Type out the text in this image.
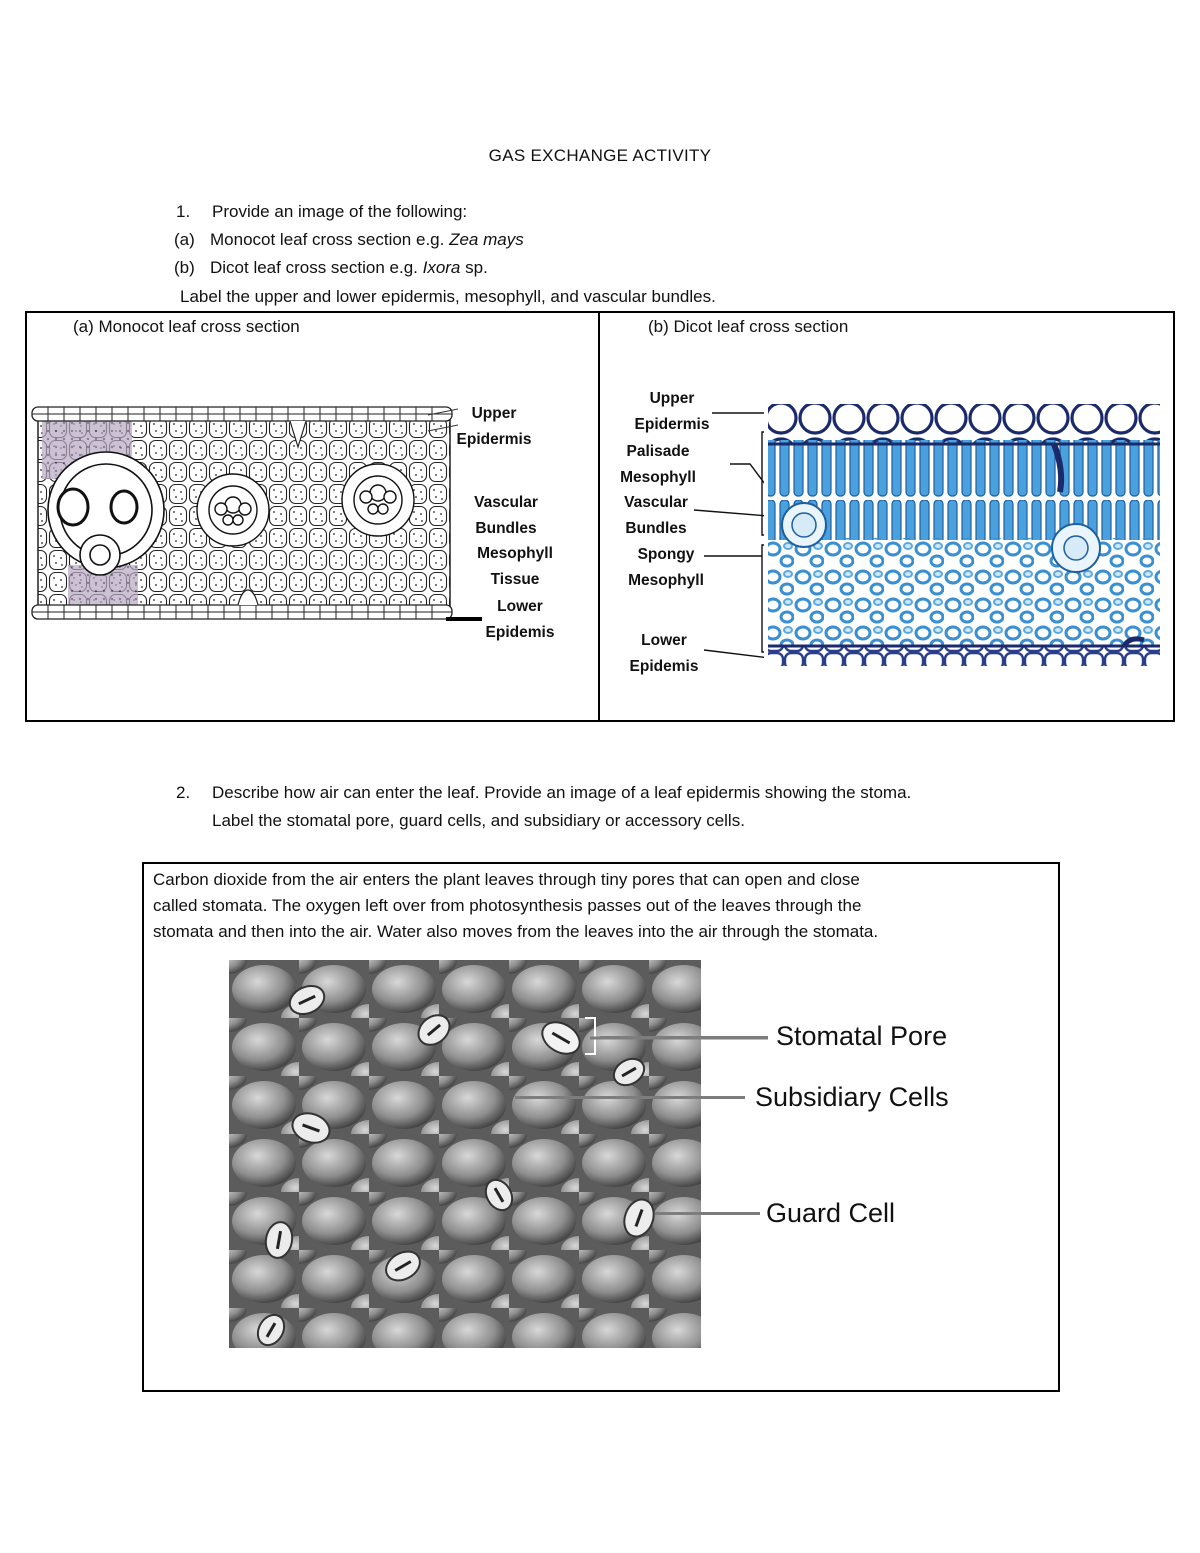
GAS EXCHANGE ACTIVITY
1. Provide an image of the following:
(a) Monocot leaf cross section e.g. Zea mays
(b) Dicot leaf cross section e.g. Ixora sp.
Label the upper and lower epidermis, mesophyll, and vascular bundles.
(a) Monocot leaf cross section	(b) Dicot leaf cross section
Upper
Epidermis
Vascular
Bundles
Mesophyll
Tissue
Lower
Epidemis
Upper
Epidermis
Palisade
Mesophyll
Vascular
Bundles
Spongy
Mesophyll
Lower
Epidemis
2. Describe how air can enter the leaf. Provide an image of a leaf epidermis showing the stoma.
Label the stomatal pore, guard cells, and subsidiary or accessory cells.
Carbon dioxide from the air enters the plant leaves through tiny pores that can open and close
called stomata. The oxygen left over from photosynthesis passes out of the leaves through the
stomata and then into the air. Water also moves from the leaves into the air through the stomata.
Stomatal Pore
Subsidiary Cells
Guard Cell
